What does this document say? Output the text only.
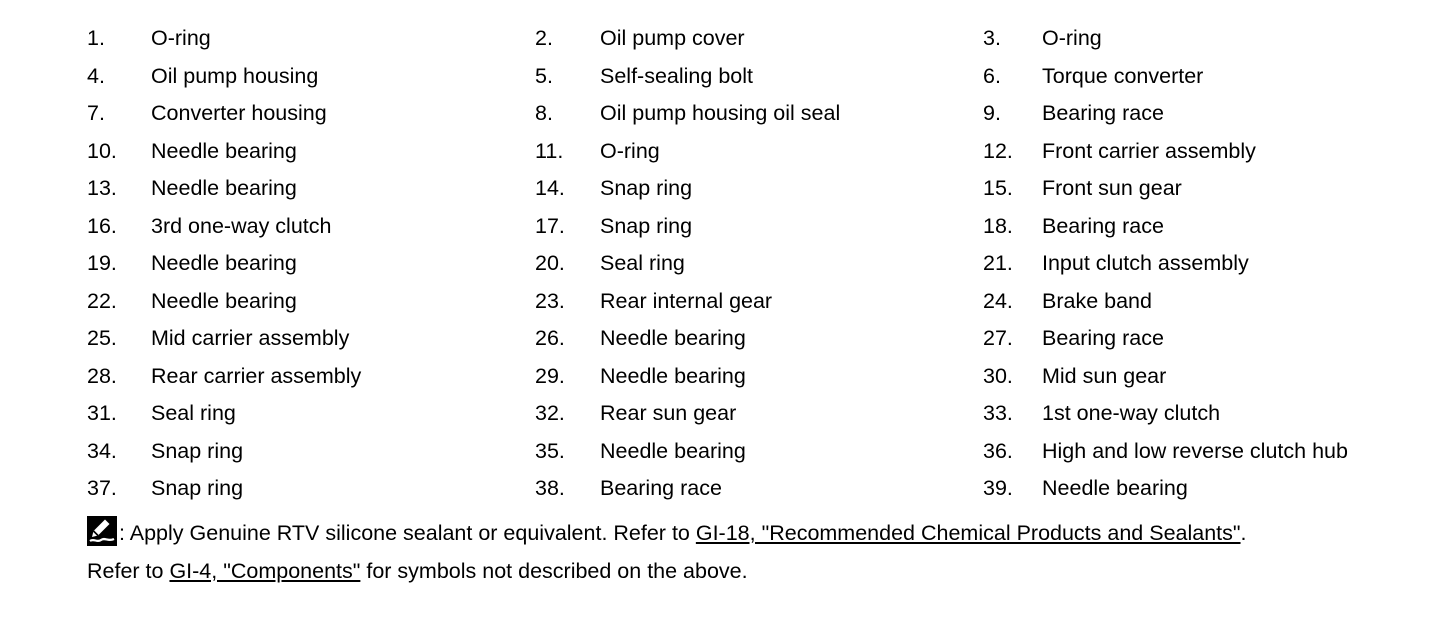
1. O-ring	2. Oil pump cover	3. O-ring
4. Oil pump housing	5. Self-sealing bolt	6. Torque converter
7. Converter housing	8. Oil pump housing oil seal	9. Bearing race
10. Needle bearing	11. O-ring	12. Front carrier assembly
13. Needle bearing	14. Snap ring	15. Front sun gear
16. 3rd one-way clutch	17. Snap ring	18. Bearing race
19. Needle bearing	20. Seal ring	21. Input clutch assembly
22. Needle bearing	23. Rear internal gear	24. Brake band
25. Mid carrier assembly	26. Needle bearing	27. Bearing race
28. Rear carrier assembly	29. Needle bearing	30. Mid sun gear
31. Seal ring	32. Rear sun gear	33. 1st one-way clutch
34. Snap ring	35. Needle bearing	36. High and low reverse clutch hub
37. Snap ring	38. Bearing race	39. Needle bearing
: Apply Genuine RTV silicone sealant or equivalent. Refer to GI-18, "Recommended Chemical Products and Sealants".
Refer to GI-4, "Components" for symbols not described on the above.
